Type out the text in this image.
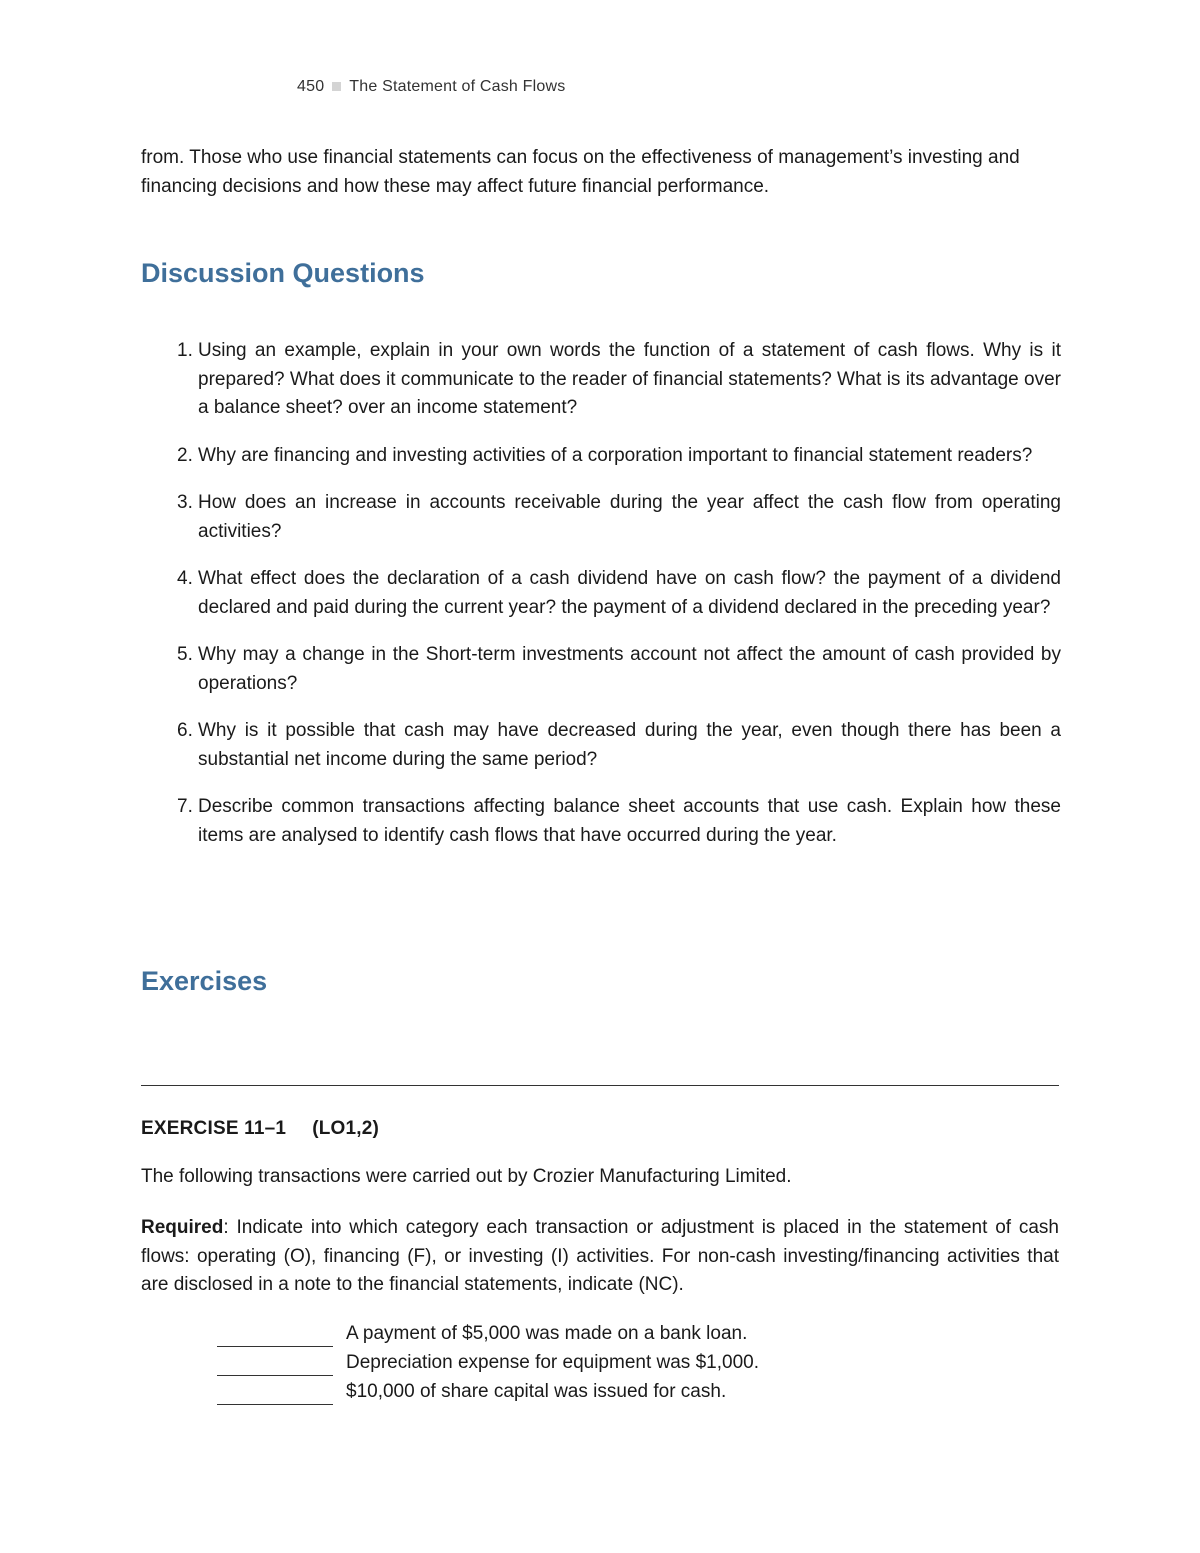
450 The Statement of Cash Flows

from. Those who use financial statements can focus on the effectiveness of management’s investing and financing decisions and how these may affect future financial performance.

Discussion Questions
1. Using an example, explain in your own words the function of a statement of cash flows. Why is it prepared? What does it communicate to the reader of financial statements? What is its advantage over a balance sheet? over an income statement?
2. Why are financing and investing activities of a corporation important to financial statement readers?
3. How does an increase in accounts receivable during the year affect the cash flow from operating activities?
4. What effect does the declaration of a cash dividend have on cash flow? the payment of a dividend declared and paid during the current year? the payment of a dividend declared in the preceding year?
5. Why may a change in the Short-term investments account not affect the amount of cash provided by operations?
6. Why is it possible that cash may have decreased during the year, even though there has been a substantial net income during the same period?
7. Describe common transactions affecting balance sheet accounts that use cash. Explain how these items are analysed to identify cash flows that have occurred during the year.
Exercises
EXERCISE 11–1 (LO1,2)

The following transactions were carried out by Crozier Manufacturing Limited.

Required: Indicate into which category each transaction or adjustment is placed in the statement of cash flows: operating (O), financing (F), or investing (I) activities. For non-cash investing/financing activities that are disclosed in a note to the financial statements, indicate (NC).

A payment of $5,000 was made on a bank loan.
Depreciation expense for equipment was $1,000.
$10,000 of share capital was issued for cash.
